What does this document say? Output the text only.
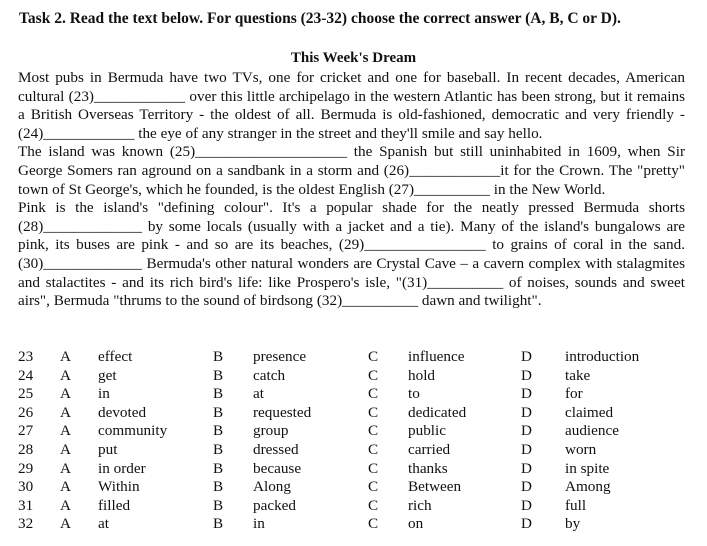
Task 2. Read the text below. For questions (23-32) choose the correct answer (A, B, C or D).
This Week's Dream

Most pubs in Bermuda have two TVs, one for cricket and one for baseball. In recent decades, American cultural (23)____________ over this little archipelago in the western Atlantic has been strong, but it remains a British Overseas Territory - the oldest of all. Bermuda is old-fashioned, democratic and very friendly - (24)____________ the eye of any stranger in the street and they'll smile and say hello.

The island was known (25)____________________ the Spanish but still uninhabited in 1609, when Sir George Somers ran aground on a sandbank in a storm and (26)____________it for the Crown. The "pretty" town of St George's, which he founded, is the oldest English (27)__________ in the New World.

Pink is the island's "defining colour". It's a popular shade for the neatly pressed Bermuda shorts (28)_____________ by some locals (usually with a jacket and a tie). Many of the island's bungalows are pink, its buses are pink - and so are its beaches, (29)________________ to grains of coral in the sand. (30)_____________ Bermuda's other natural wonders are Crystal Cave – a cavern complex with stalagmites and stalactites - and its rich bird's life: like Prospero's isle, "(31)__________ of noises, sounds and sweet airs", Bermuda "thrums to the sound of birdsong (32)__________ dawn and twilight".

23	A	effect	B	presence	C	influence	D	introduction
24	A	get	B	catch	C	hold	D	take
25	A	in	B	at	C	to	D	for
26	A	devoted	B	requested	C	dedicated	D	claimed
27	A	community	B	group	C	public	D	audience
28	A	put	B	dressed	C	carried	D	worn
29	A	in order	B	because	C	thanks	D	in spite
30	A	Within	B	Along	C	Between	D	Among
31	A	filled	B	packed	C	rich	D	full
32	A	at	B	in	C	on	D	by
